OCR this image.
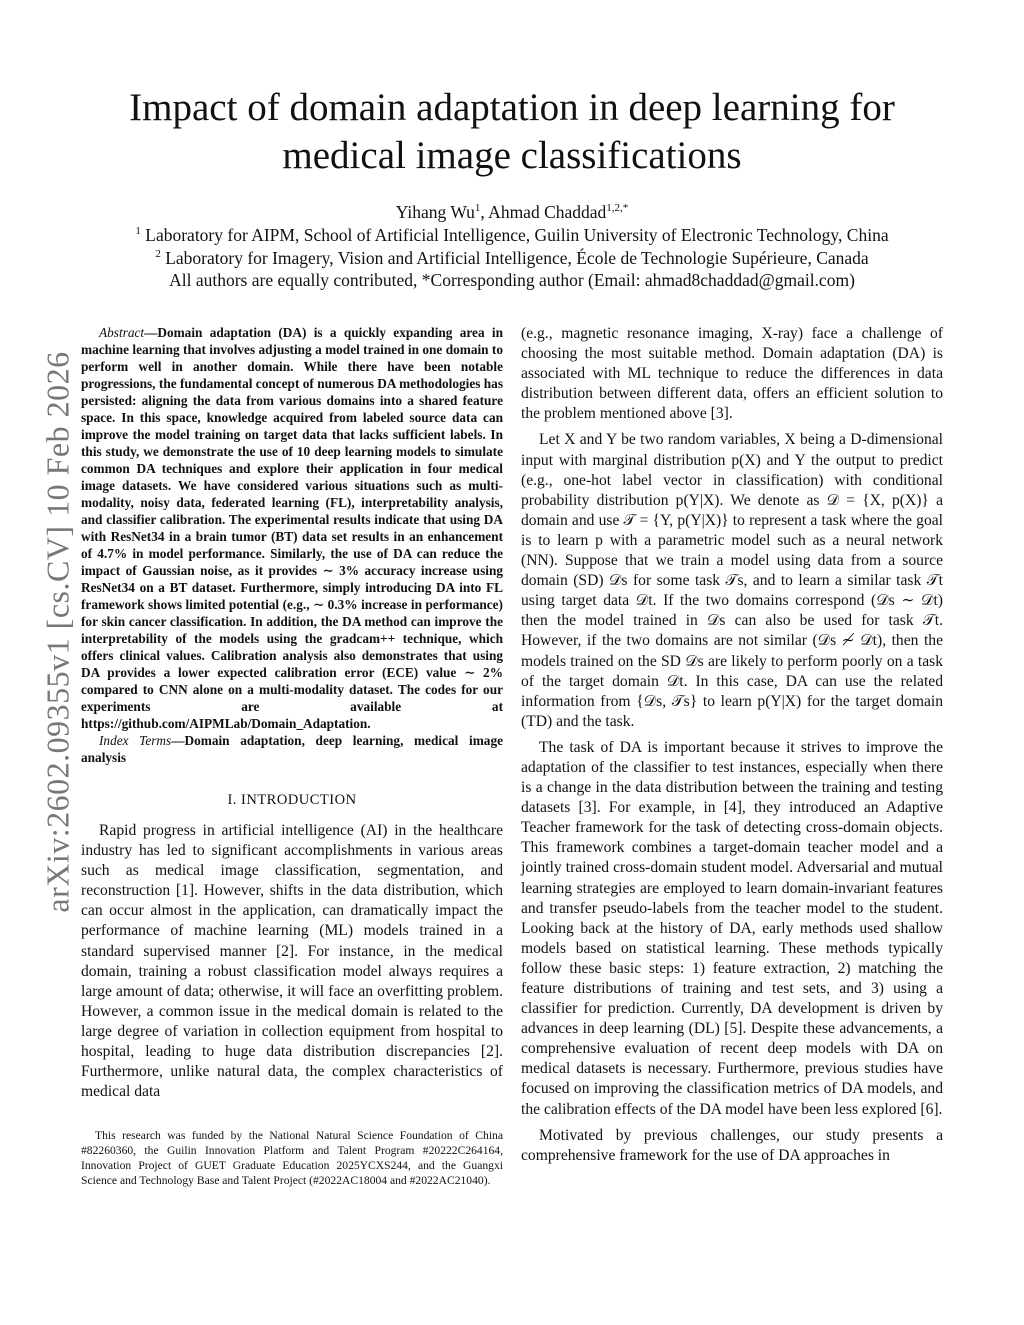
arXiv:2602.09355v1 [cs.CV] 10 Feb 2026
Impact of domain adaptation in deep learning for
medical image classifications
Yihang Wu$^1$, Ahmad Chaddad$^{1,2,*}$
$^1$ Laboratory for AIPM, School of Artificial Intelligence, Guilin University of Electronic Technology, China
$^2$ Laboratory for Imagery, Vision and Artificial Intelligence, École de Technologie Supérieure, Canada
All authors are equally contributed, *Corresponding author (Email: ahmad8chaddad@gmail.com)

Abstract—Domain adaptation (DA) is a quickly expanding area in machine learning that involves adjusting a model trained in one domain to perform well in another domain. While there have been notable progressions, the fundamental concept of numerous DA methodologies has persisted: aligning the data from various domains into a shared feature space. In this space, knowledge acquired from labeled source data can improve the model training on target data that lacks sufficient labels. In this study, we demonstrate the use of 10 deep learning models to simulate common DA techniques and explore their application in four medical image datasets. We have considered various situations such as multi-modality, noisy data, federated learning (FL), interpretability analysis, and classifier calibration. The experimental results indicate that using DA with ResNet34 in a brain tumor (BT) data set results in an enhancement of 4.7% in model performance. Similarly, the use of DA can reduce the impact of Gaussian noise, as it provides ∼ 3% accuracy increase using ResNet34 on a BT dataset. Furthermore, simply introducing DA into FL framework shows limited potential (e.g., ∼ 0.3% increase in performance) for skin cancer classification. In addition, the DA method can improve the interpretability of the models using the gradcam++ technique, which offers clinical values. Calibration analysis also demonstrates that using DA provides a lower expected calibration error (ECE) value ∼ 2% compared to CNN alone on a multi-modality dataset. The codes for our experiments are available at https://github.com/AIPMLab/Domain_Adaptation.

Index Terms—Domain adaptation, deep learning, medical image analysis

I. INTRODUCTION

Rapid progress in artificial intelligence (AI) in the healthcare industry has led to significant accomplishments in various areas such as medical image classification, segmentation, and reconstruction [1]. However, shifts in the data distribution, which can occur almost in the application, can dramatically impact the performance of machine learning (ML) models trained in a standard supervised manner [2]. For instance, in the medical domain, training a robust classification model always requires a large amount of data; otherwise, it will face an overfitting problem. However, a common issue in the medical domain is related to the large degree of variation in collection equipment from hospital to hospital, leading to huge data distribution discrepancies [2]. Furthermore, unlike natural data, the complex characteristics of medical data

This research was funded by the National Natural Science Foundation of China #82260360, the Guilin Innovation Platform and Talent Program #20222C264164, Innovation Project of GUET Graduate Education 2025YCXS244, and the Guangxi Science and Technology Base and Talent Project (#2022AC18004 and #2022AC21040).

(e.g., magnetic resonance imaging, X-ray) face a challenge of choosing the most suitable method. Domain adaptation (DA) is associated with ML technique to reduce the differences in data distribution between different data, offers an efficient solution to the problem mentioned above [3].

Let X and Y be two random variables, X being a D-dimensional input with marginal distribution p(X) and Y the output to predict (e.g., one-hot label vector in classification) with conditional probability distribution p(Y|X). We denote as 𝒟 = {X, p(X)} a domain and use 𝒯 = {Y, p(Y|X)} to represent a task where the goal is to learn p with a parametric model such as a neural network (NN). Suppose that we train a model using data from a source domain (SD) 𝒟s for some task 𝒯s, and to learn a similar task 𝒯t using target data 𝒟t. If the two domains correspond (𝒟s ∼ 𝒟t) then the model trained in 𝒟s can also be used for task 𝒯t. However, if the two domains are not similar (𝒟s ≁ 𝒟t), then the models trained on the SD 𝒟s are likely to perform poorly on a task of the target domain 𝒟t. In this case, DA can use the related information from {𝒟s, 𝒯s} to learn p(Y|X) for the target domain (TD) and the task.

The task of DA is important because it strives to improve the adaptation of the classifier to test instances, especially when there is a change in the data distribution between the training and testing datasets [3]. For example, in [4], they introduced an Adaptive Teacher framework for the task of detecting cross-domain objects. This framework combines a target-domain teacher model and a jointly trained cross-domain student model. Adversarial and mutual learning strategies are employed to learn domain-invariant features and transfer pseudo-labels from the teacher model to the student. Looking back at the history of DA, early methods used shallow models based on statistical learning. These methods typically follow these basic steps: 1) feature extraction, 2) matching the feature distributions of training and test sets, and 3) using a classifier for prediction. Currently, DA development is driven by advances in deep learning (DL) [5]. Despite these advancements, a comprehensive evaluation of recent deep models with DA on medical datasets is necessary. Furthermore, previous studies have focused on improving the classification metrics of DA models, and the calibration effects of the DA model have been less explored [6].

Motivated by previous challenges, our study presents a comprehensive framework for the use of DA approaches in
